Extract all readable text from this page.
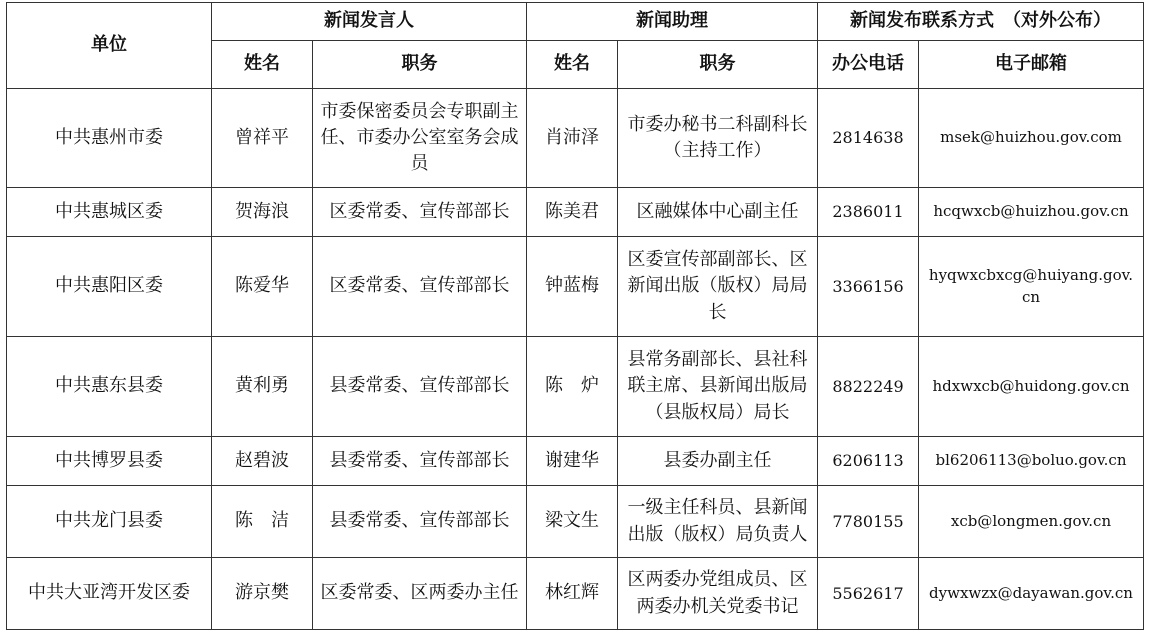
单位	新闻发言人		新闻助理		新闻发布联系方式　（对外公布）	
	姓名	职务	姓名	职务	办公电话	电子邮箱
中共惠州市委	曾祥平	市委保密委员会专职副主任、市委办公室室务会成员	肖沛泽	市委办秘书二科副科长（主持工作）	2814638	msek@huizhou.gov.com
中共惠城区委	贺海浪	区委常委、宣传部部长	陈美君	区融媒体中心副主任	2386011	hcqwxcb@huizhou.gov.cn
中共惠阳区委	陈爱华	区委常委、宣传部部长	钟蓝梅	区委宣传部副部长、区新闻出版（版权）局局长	3366156	hyqwxcbxcg@huiyang.gov.cn
中共惠东县委	黄利勇	县委常委、宣传部部长	陈　炉	县常务副部长、县社科联主席、县新闻出版局（县版权局）局长	8822249	hdxwxcb@huidong.gov.cn
中共博罗县委	赵碧波	县委常委、宣传部部长	谢建华	县委办副主任	6206113	bl6206113@boluo.gov.cn
中共龙门县委	陈　洁	县委常委、宣传部部长	梁文生	一级主任科员、县新闻出版（版权）局负责人	7780155	xcb@longmen.gov.cn
中共大亚湾开发区委	游京樊	区委常委、区两委办主任	林红辉	区两委办党组成员、区两委办机关党委书记	5562617	dywxwzx@dayawan.gov.cn
